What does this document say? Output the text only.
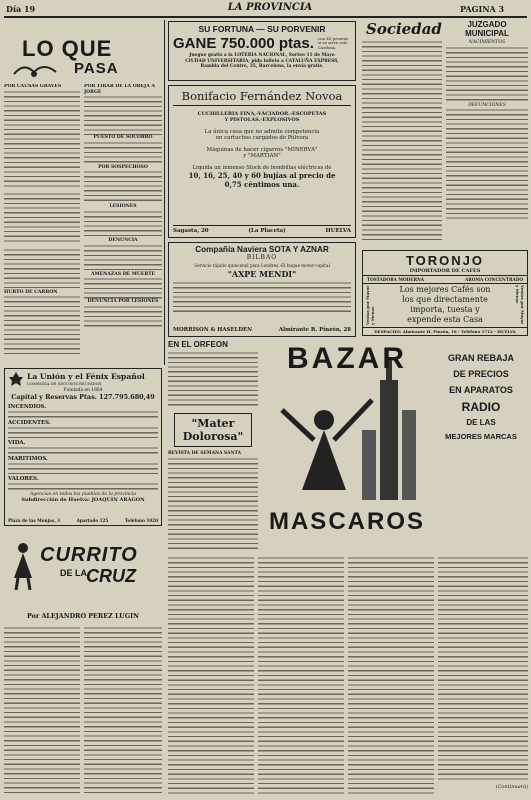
Día 19	LA PROVINCIA	PAGINA 3
LO QUE
PASA
POR CAUSAS GRAVES
HURTO DE CARBON
POR TIRAR DE LA OREJA A JORGE
PUESTO DE SOCORRO
POR SOSPECHOSO
LESIONES
DENUNCIA
AMENAZAS DE MUERTE
DENUNCIA POR LESIONES
SU FORTUNA — SU PORVENIR
GANE 750.000 ptas. con 45 pesetas si se sirve solo Cardona.
Juegue gratis a la LOTERIA NACIONAL, Sorteo 11 de Mayo
CIUDAD UNIVERSITARIA, pida folleto a CATALUÑA EXPRESS,
Rambla del Centro, 35, Barcelona, la envía gratis.
Bonifacio Fernández Novoa
CUCHILLERIA FINA,-VACIADOR.-ESCOPETAS
Y PISTOLAS.-EXPLOSIVOS
La única casa que no admite competencia
en cartuchos cargados de Pólvora
Máquinas de hacer cigarros "MINERVA"
y "MARTIAN"
Liquida un inmenso Stock de bombillas eléctricas de
10, 16, 25, 40 y 60 bujías al precio de
0,75 céntimos una.
Sagasta, 20	(La Placeta)	HUELVA
Sociedad	JUZGADO
MUNICIPAL
NACIMIENTOS
DEFUNCIONES
Compañía Naviera SOTA Y AZNAR
BILBAO
Servicio rápido quincenal para Londres.-El buque motor-capital
"AXPE MENDI"
MORRISON & HASELDEN	Almirante R. Pinzón, 28
TORONJO
IMPORTADOR DE CAFES
TOSTADORA MODERNA	AROMA CONCENTRADO
Ventas por Mayor y Menor	Ventas por Mayor y Menor
Los mejores Cafés son
los que directamente
importa, tuesta y
expende esta Casa
DESPACHO: Almirante H. Pinzón, 18 - Teléfono 1712 - HUELVA
La Unión y el Fénix Español
COMPAÑIA DE SEGUROS REUNIDOS
Fundada en 1864
Capital y Reservas Ptas. 127.795.680,49
INCENDIOS.
ACCIDENTES.
VIDA.
MARITIMOS.
VALORES.
Agencias en todos los pueblos de la provincia
Subdirección de Huelva: JOAQUIN ARAGON
Plaza de las Monjas, 3	Apartado 125	Teléfono 1020
EN EL ORFEON
"Mater
Dolorosa"
REVISTA DE SEMANA SANTA
BAZAR
MASCAROS
GRAN REBAJA
DE PRECIOS
EN APARATOS
RADIO
DE LAS
MEJORES MARCAS
CURRITO
DE LA CRUZ
Por ALEJANDRO PEREZ LUGIN
(Continuará)
